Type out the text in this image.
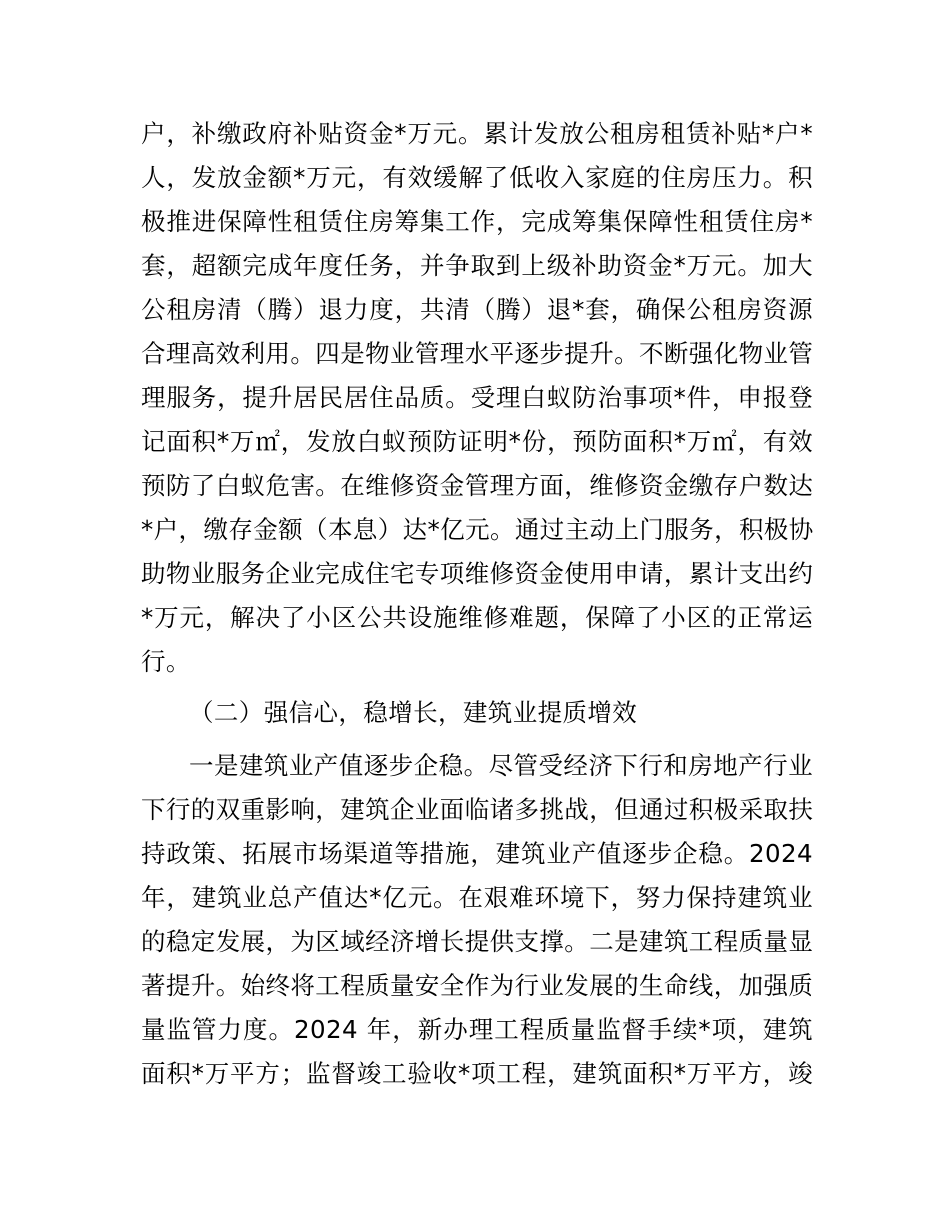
户，补缴政府补贴资金*万元。累计发放公租房租赁补贴*户*
人，发放金额*万元，有效缓解了低收入家庭的住房压力。积
极推进保障性租赁住房筹集工作，完成筹集保障性租赁住房*
套，超额完成年度任务，并争取到上级补助资金*万元。加大
公租房清（腾）退力度，共清（腾）退*套，确保公租房资源
合理高效利用。四是物业管理水平逐步提升。不断强化物业管
理服务，提升居民居住品质。受理白蚁防治事项*件，申报登
记面积*万㎡，发放白蚁预防证明*份，预防面积*万㎡，有效
预防了白蚁危害。在维修资金管理方面，维修资金缴存户数达
*户，缴存金额（本息）达*亿元。通过主动上门服务，积极协
助物业服务企业完成住宅专项维修资金使用申请，累计支出约
*万元，解决了小区公共设施维修难题，保障了小区的正常运
行。
（二）强信心，稳增长，建筑业提质增效
一是建筑业产值逐步企稳。尽管受经济下行和房地产行业
下行的双重影响，建筑企业面临诸多挑战，但通过积极采取扶
持政策、拓展市场渠道等措施，建筑业产值逐步企稳。2024
年，建筑业总产值达*亿元。在艰难环境下，努力保持建筑业
的稳定发展，为区域经济增长提供支撑。二是建筑工程质量显
著提升。始终将工程质量安全作为行业发展的生命线，加强质
量监管力度。2024 年，新办理工程质量监督手续*项，建筑
面积*万平方；监督竣工验收*项工程，建筑面积*万平方，竣
